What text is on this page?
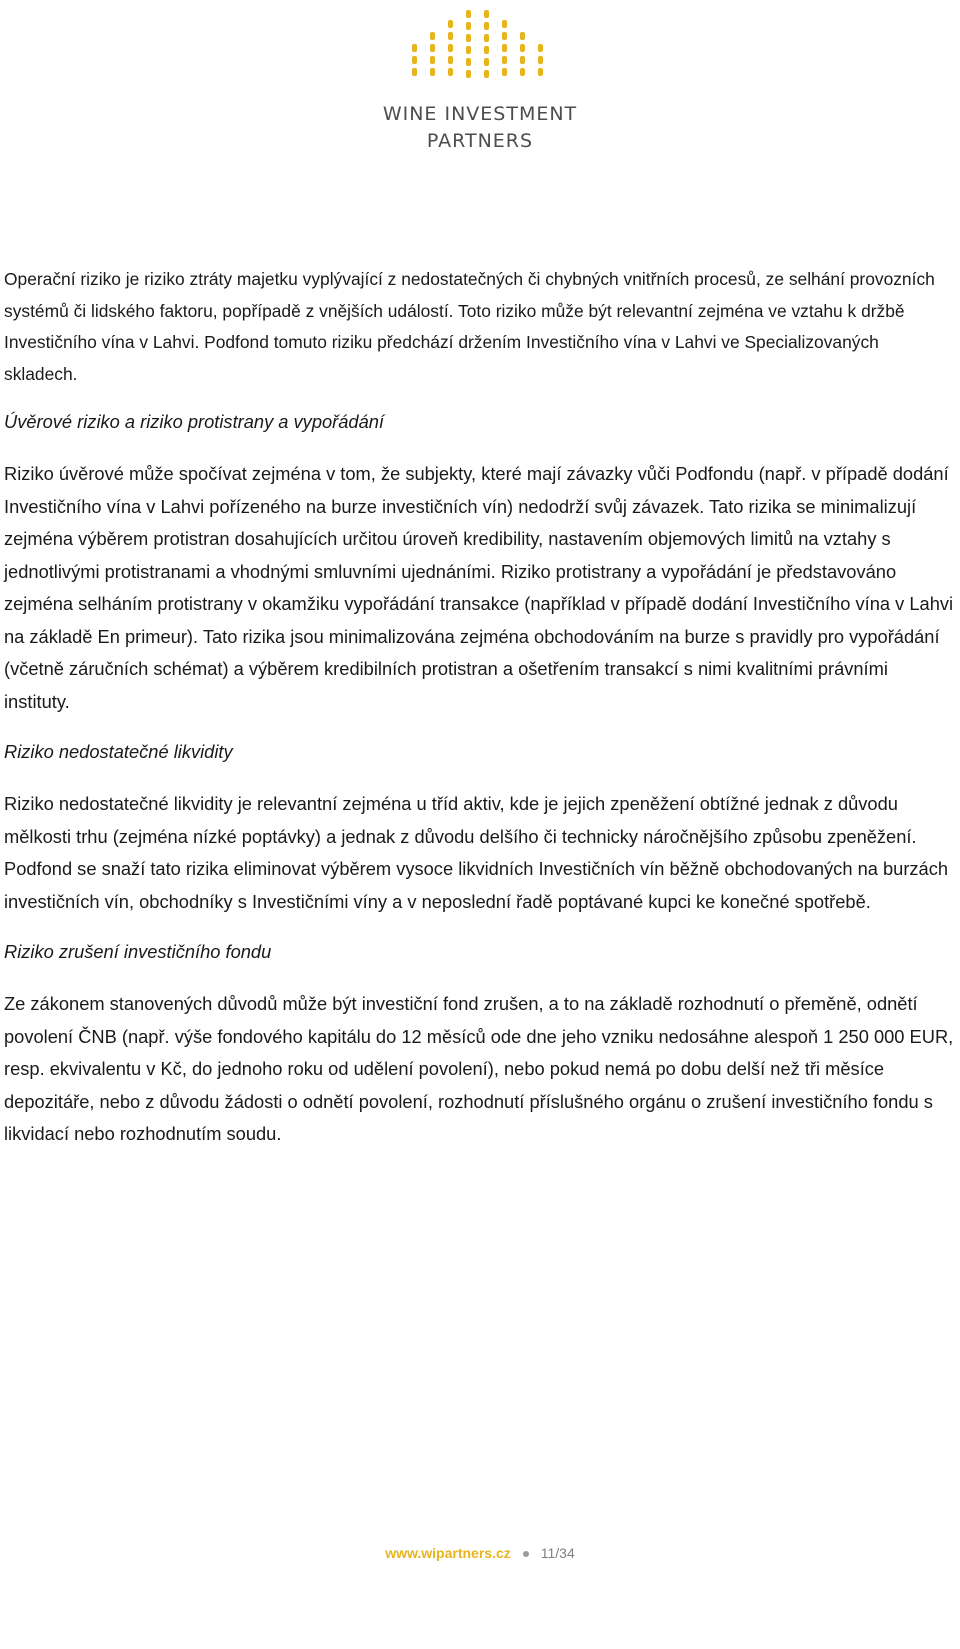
WINE INVESTMENT
PARTNERS

Operační riziko je riziko ztráty majetku vyplývající z nedostatečných či chybných vnitřních procesů, ze selhání provozních systémů či lidského faktoru, popřípadě z vnějších událostí. Toto riziko může být relevantní zejména ve vztahu k držbě Investičního vína v Lahvi. Podfond tomuto riziku předchází držením Investičního vína v Lahvi ve Specializovaných skladech.

Úvěrové riziko a riziko protistrany a vypořádání

Riziko úvěrové může spočívat zejména v tom, že subjekty, které mají závazky vůči Podfondu (např. v případě dodání Investičního vína v Lahvi pořízeného na burze investičních vín) nedodrží svůj závazek. Tato rizika se minimalizují zejména výběrem protistran dosahujících určitou úroveň kredibility, nastavením objemových limitů na vztahy s jednotlivými protistranami a vhodnými smluvními ujednáními. Riziko protistrany a vypořádání je představováno zejména selháním protistrany v okamžiku vypořádání transakce (například v případě dodání Investičního vína v Lahvi na základě En primeur). Tato rizika jsou minimalizována zejména obchodováním na burze s pravidly pro vypořádání (včetně záručních schémat) a výběrem kredibilních protistran a ošetřením transakcí s nimi kvalitními právními instituty.

Riziko nedostatečné likvidity

Riziko nedostatečné likvidity je relevantní zejména u tříd aktiv, kde je jejich zpeněžení obtížné jednak z důvodu mělkosti trhu (zejména nízké poptávky) a jednak z důvodu delšího či technicky náročnějšího způsobu zpeněžení. Podfond se snaží tato rizika eliminovat výběrem vysoce likvidních Investičních vín běžně obchodovaných na burzách investičních vín, obchodníky s Investičními víny a v neposlední řadě poptávané kupci ke konečné spotřebě.

Riziko zrušení investičního fondu

Ze zákonem stanovených důvodů může být investiční fond zrušen, a to na základě rozhodnutí o přeměně, odnětí povolení ČNB (např. výše fondového kapitálu do 12 měsíců ode dne jeho vzniku nedosáhne alespoň 1 250 000 EUR, resp. ekvivalentu v Kč, do jednoho roku od udělení povolení), nebo pokud nemá po dobu delší než tři měsíce depozitáře, nebo z důvodu žádosti o odnětí povolení, rozhodnutí příslušného orgánu o zrušení investičního fondu s likvidací nebo rozhodnutím soudu.

www.wipartners.cz 11/34
